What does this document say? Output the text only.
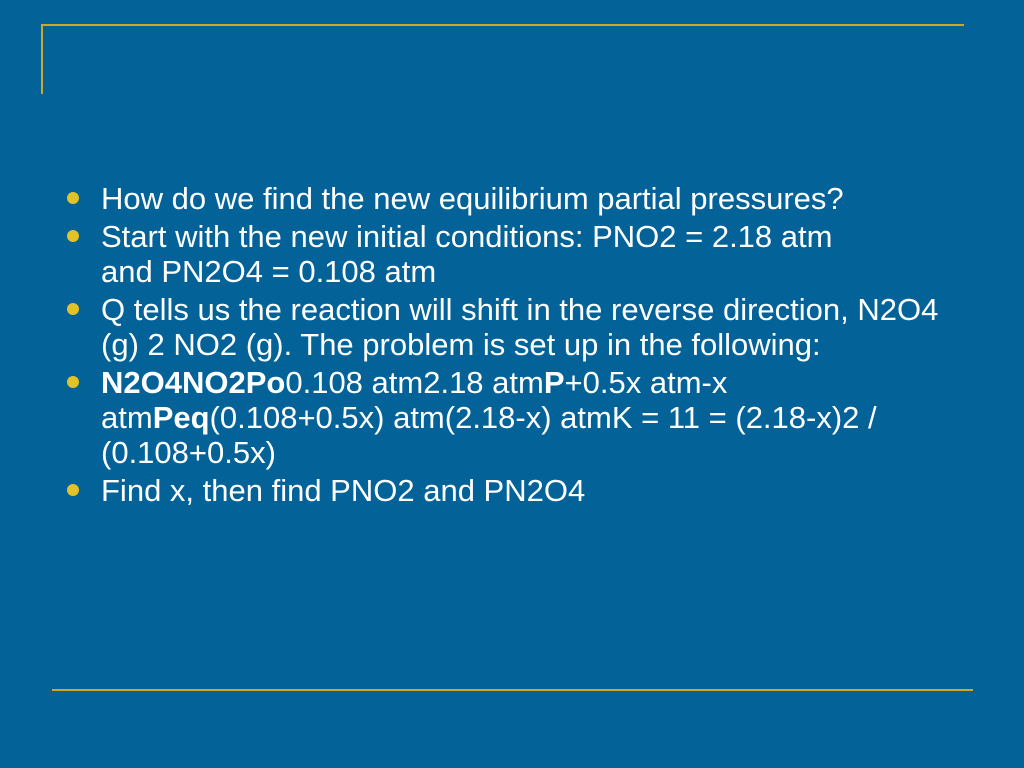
How do we find the new equilibrium partial pressures?
Start with the new initial conditions: PNO2 = 2.18 atm
and PN2O4 = 0.108 atm
Q tells us the reaction will shift in the reverse direction, N2O4 (g) 2 NO2 (g). The problem is set up in the following:
N2O4NO2Po0.108 atm2.18 atmP+0.5x atm-x atmPeq(0.108+0.5x) atm(2.18-x) atmK = 11 = (2.18-x)2 / (0.108+0.5x)
Find x, then find PNO2 and PN2O4
